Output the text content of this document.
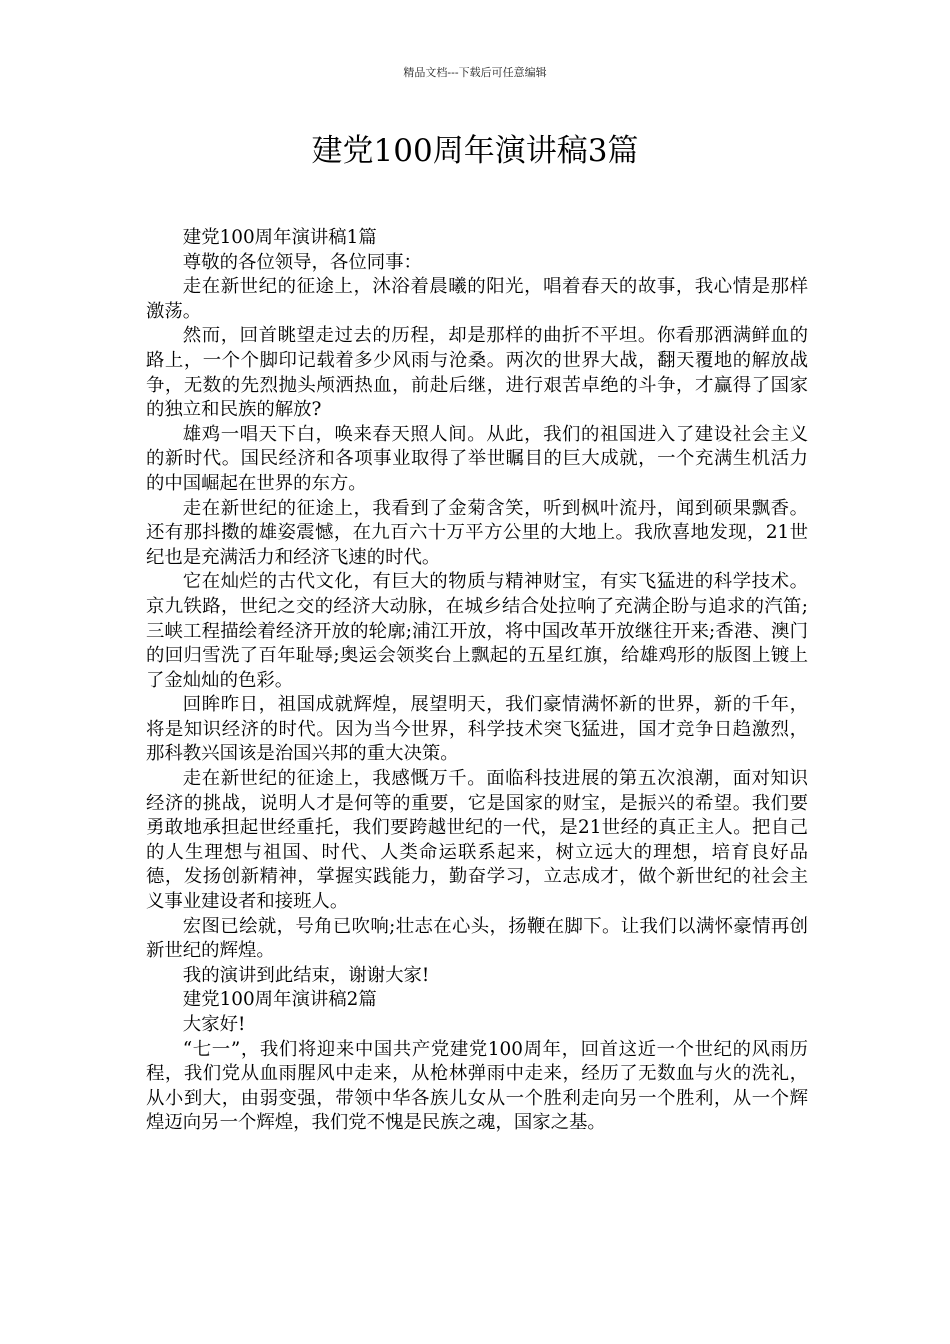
精品文档---下载后可任意编辑
建党100周年演讲稿3篇

建党100周年演讲稿1篇

尊敬的各位领导，各位同事：

走在新世纪的征途上，沐浴着晨曦的阳光，唱着春天的故事，我心情是那样激荡。

然而，回首眺望走过去的历程，却是那样的曲折不平坦。你看那洒满鲜血的路上，一个个脚印记载着多少风雨与沧桑。两次的世界大战，翻天覆地的解放战争，无数的先烈抛头颅洒热血，前赴后继，进行艰苦卓绝的斗争，才赢得了国家的独立和民族的解放?

雄鸡一唱天下白，唤来春天照人间。从此，我们的祖国进入了建设社会主义的新时代。国民经济和各项事业取得了举世瞩目的巨大成就，一个充满生机活力的中国崛起在世界的东方。

走在新世纪的征途上，我看到了金菊含笑，听到枫叶流丹，闻到硕果飘香。还有那抖擞的雄姿震憾，在九百六十万平方公里的大地上。我欣喜地发现，21世纪也是充满活力和经济飞速的时代。

它在灿烂的古代文化，有巨大的物质与精神财宝，有实飞猛进的科学技术。京九铁路，世纪之交的经济大动脉，在城乡结合处拉响了充满企盼与追求的汽笛;三峡工程描绘着经济开放的轮廓;浦江开放，将中国改革开放继往开来;香港、澳门的回归雪洗了百年耻辱;奥运会领奖台上飘起的五星红旗，给雄鸡形的版图上镀上了金灿灿的色彩。

回眸昨日，祖国成就辉煌，展望明天，我们豪情满怀新的世界，新的千年，将是知识经济的时代。因为当今世界，科学技术突飞猛进，国才竞争日趋激烈，那科教兴国该是治国兴邦的重大决策。

走在新世纪的征途上，我感慨万千。面临科技进展的第五次浪潮，面对知识经济的挑战，说明人才是何等的重要，它是国家的财宝，是振兴的希望。我们要勇敢地承担起世经重托，我们要跨越世纪的一代，是21世经的真正主人。把自己的人生理想与祖国、时代、人类命运联系起来，树立远大的理想，培育良好品德，发扬创新精神，掌握实践能力，勤奋学习，立志成才，做个新世纪的社会主义事业建设者和接班人。

宏图已绘就，号角已吹响;壮志在心头，扬鞭在脚下。让我们以满怀豪情再创新世纪的辉煌。

我的演讲到此结束，谢谢大家!

建党100周年演讲稿2篇

大家好!

“七一”，我们将迎来中国共产党建党100周年，回首这近一个世纪的风雨历程，我们党从血雨腥风中走来，从枪林弹雨中走来，经历了无数血与火的洗礼，从小到大，由弱变强，带领中华各族儿女从一个胜利走向另一个胜利，从一个辉煌迈向另一个辉煌，我们党不愧是民族之魂，国家之基。
